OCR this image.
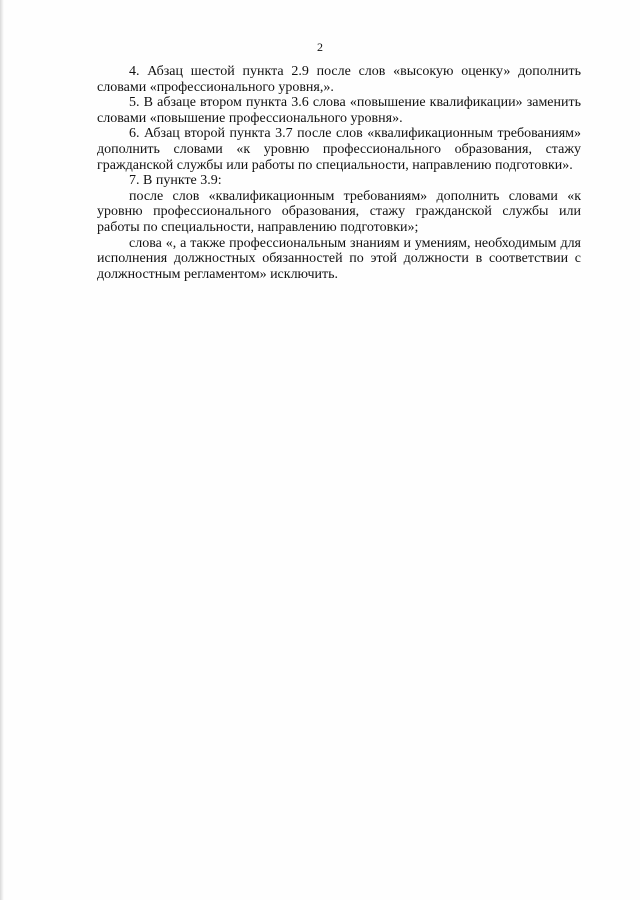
2

4. Абзац шестой пункта 2.9 после слов «высокую оценку» дополнить словами «профессионального уровня,».

5. В абзаце втором пункта 3.6 слова «повышение квалификации» заменить словами «повышение профессионального уровня».

6. Абзац второй пункта 3.7 после слов «квалификационным требованиям» дополнить словами «к уровню профессионального образования, стажу гражданской службы или работы по специальности, направлению подготовки».

7. В пункте 3.9:

после слов «квалификационным требованиям» дополнить словами «к уровню профессионального образования, стажу гражданской службы или работы по специальности, направлению подготовки»;

слова «, а также профессиональным знаниям и умениям, необходимым для исполнения должностных обязанностей по этой должности в соответствии с должностным регламентом» исключить.
